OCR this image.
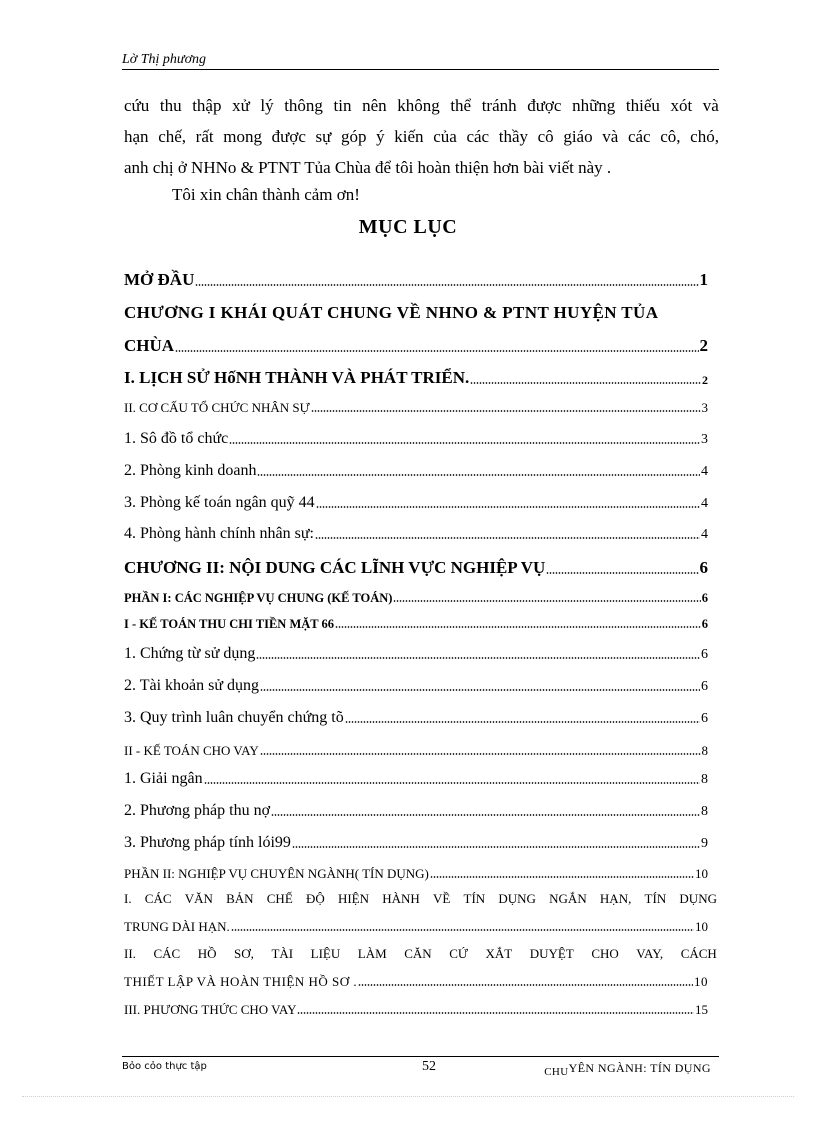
Lờ Thị phương
cứu thu thập xử lý thông tin nên không thể tránh được những thiếu xót và
hạn chế, rất mong được sự góp ý kiến của các thầy cô giáo và các cô, chó,
anh chị ở NHNo & PTNT Tủa Chùa để tôi hoàn thiện hơn bài viết này .
Tôi xin chân thành cảm ơn!
MỤC LỤC
MỞ ĐẦU	1
CHƯƠNG I KHÁI QUÁT CHUNG VỀ NHNO & PTNT HUYỆN TỦA
CHÙA	2
I. LỊCH SỬ HốNH THÀNH VÀ PHÁT TRIỂN.	2
II. CƠ CẤU TỔ CHỨC NHÂN SỰ	3
1. Sô đồ tổ chức	3
2. Phòng kinh doanh	4
3. Phòng kế toán ngân quỹ 44	4
4. Phòng hành chính nhân sự:	4
CHƯƠNG II: NỘI DUNG CÁC LĨNH VỰC NGHIỆP VỤ	6
PHẦN I: CÁC NGHIỆP VỤ CHUNG (KẾ TOÁN)	6
I - KẾ TOÁN THU CHI TIỀN MẶT 66	6
1. Chứng từ sử dụng	6
2. Tài khoản sử dụng	6
3. Quy trình luân chuyển chứng tõ	6
II - KẾ TOÁN CHO VAY	8
1. Giải ngân	8
2. Phương pháp thu nợ	8
3. Phương pháp tính lói99	9
PHẦN II: NGHIỆP VỤ CHUYÊN NGÀNH( TÍN DỤNG)	10
I. CÁC VĂN BẢN CHẾ ĐỘ HIỆN HÀNH VỀ TÍN DỤNG NGẮN HẠN, TÍN DỤNG
TRUNG DÀI HẠN.	10
II. CÁC HỒ SƠ, TÀI LIỆU LÀM CĂN CỨ XẮT DUYỆT CHO VAY, CÁCH
THIẾT LẬP VÀ HOÀN THIỆN HỒ SƠ .	10
III. PHƯƠNG THỨC CHO VAY	15
Bỏo cỏo thực tập	52	CHUYÊN NGÀNH: TÍN DỤNG
